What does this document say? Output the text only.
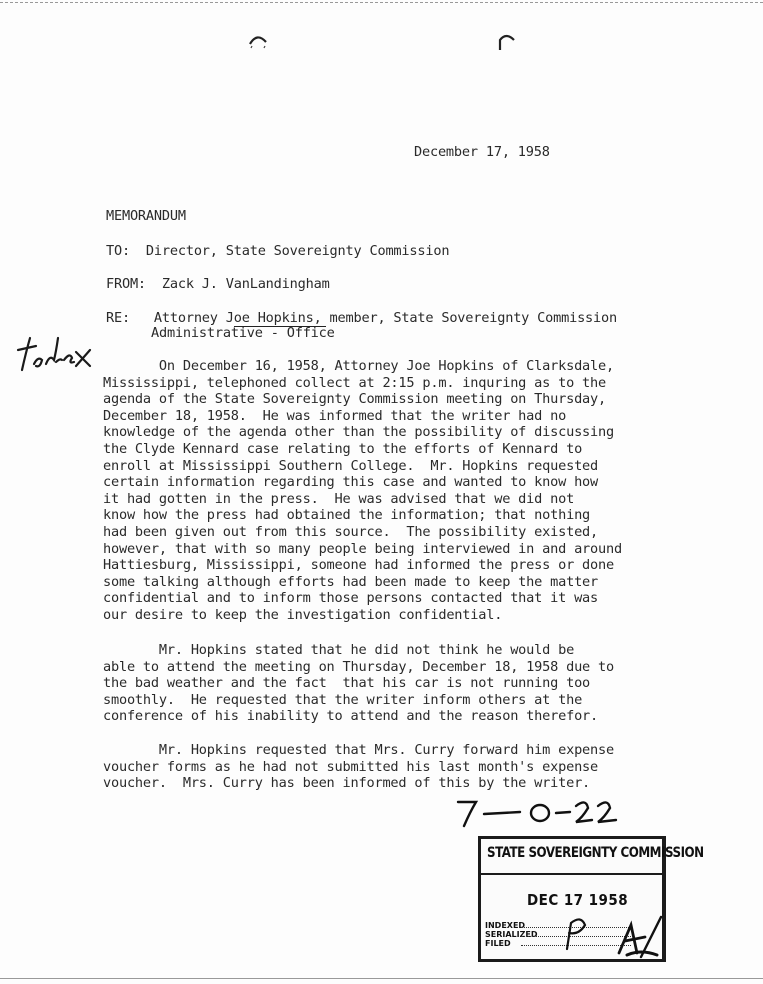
December 17, 1958
MEMORANDUM
TO:  Director, State Sovereignty Commission
FROM:  Zack J. VanLandingham
RE:   Attorney Joe Hopkins, member, State Sovereignty Commission
Administrative - Office
On December 16, 1958, Attorney Joe Hopkins of Clarksdale,
Mississippi, telephoned collect at 2:15 p.m. inquring as to the
agenda of the State Sovereignty Commission meeting on Thursday,
December 18, 1958.  He was informed that the writer had no
knowledge of the agenda other than the possibility of discussing
the Clyde Kennard case relating to the efforts of Kennard to
enroll at Mississippi Southern College.  Mr. Hopkins requested
certain information regarding this case and wanted to know how
it had gotten in the press.  He was advised that we did not
know how the press had obtained the information; that nothing
had been given out from this source.  The possibility existed,
however, that with so many people being interviewed in and around
Hattiesburg, Mississippi, someone had informed the press or done
some talking although efforts had been made to keep the matter
confidential and to inform those persons contacted that it was
our desire to keep the investigation confidential.
Mr. Hopkins stated that he did not think he would be
able to attend the meeting on Thursday, December 18, 1958 due to
the bad weather and the fact  that his car is not running too
smoothly.  He requested that the writer inform others at the
conference of his inability to attend and the reason therefor.
Mr. Hopkins requested that Mrs. Curry forward him expense
voucher forms as he had not submitted his last month's expense
voucher.  Mrs. Curry has been informed of this by the writer.
STATE SOVEREIGNTY COMMISSION
DEC 17 1958
INDEXED
SERIALIZED
FILED
